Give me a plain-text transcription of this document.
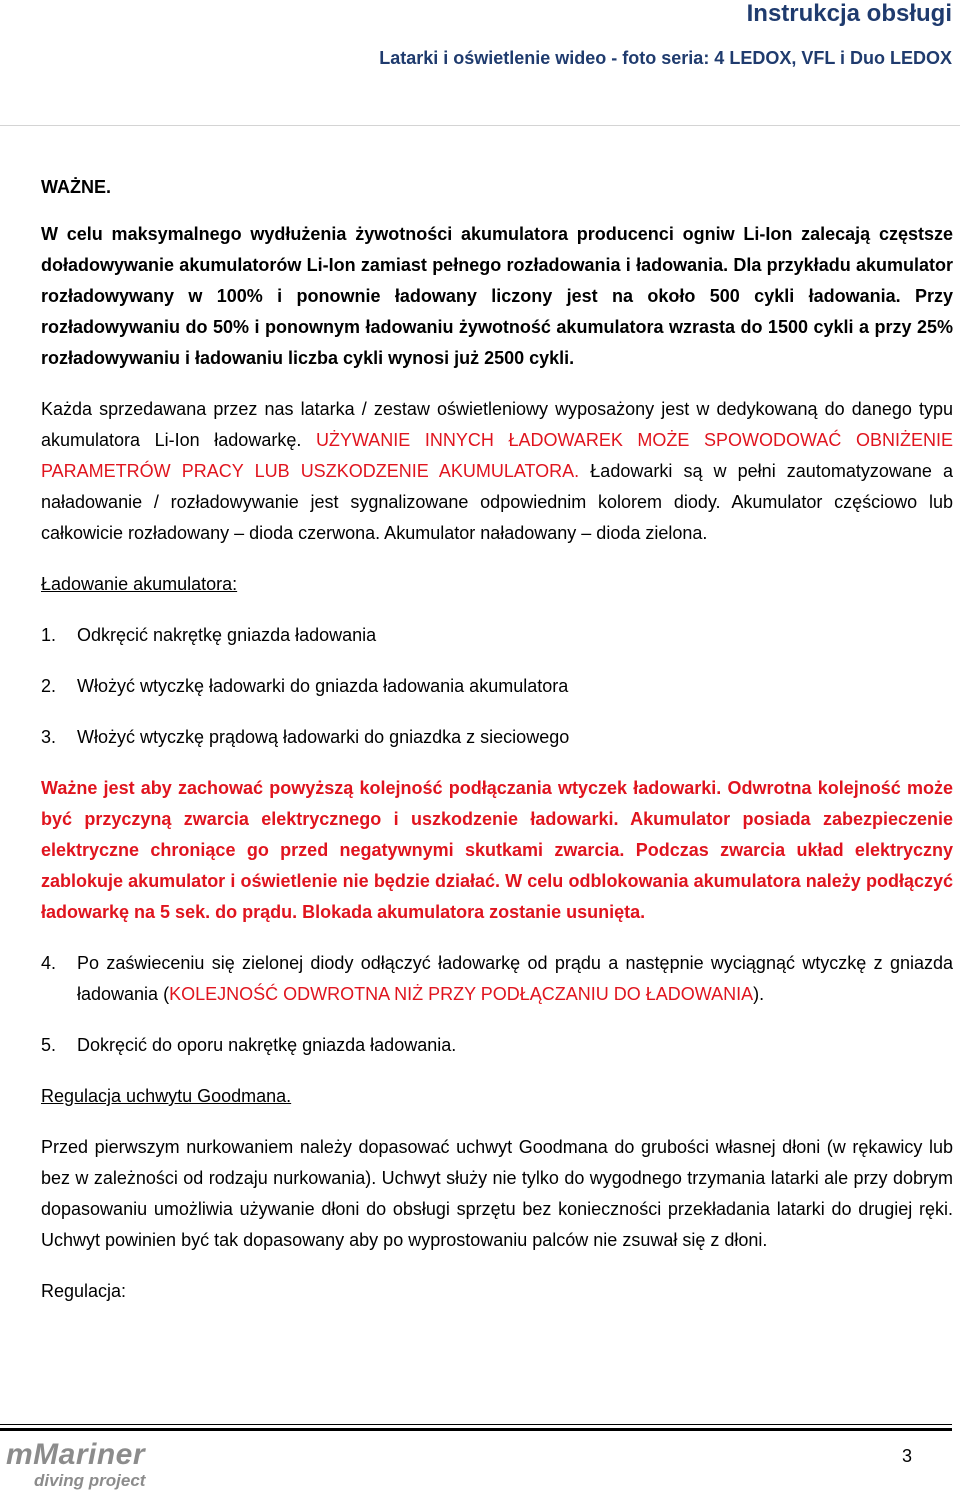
Instrukcja obsługi
Latarki i oświetlenie wideo - foto seria: 4 LEDOX, VFL i Duo LEDOX

WAŻNE.

W celu maksymalnego wydłużenia żywotności akumulatora producenci ogniw Li-Ion zalecają częstsze doładowywanie akumulatorów Li-Ion zamiast pełnego rozładowania i ładowania. Dla przykładu akumulator rozładowywany w 100% i ponownie ładowany liczony jest na około 500 cykli ładowania. Przy rozładowywaniu do 50% i ponownym ładowaniu żywotność akumulatora wzrasta do 1500 cykli a przy 25% rozładowywaniu i ładowaniu liczba cykli wynosi już 2500 cykli.

Każda sprzedawana przez nas latarka / zestaw oświetleniowy wyposażony jest w dedykowaną do danego typu akumulatora Li-Ion ładowarkę. UŻYWANIE INNYCH ŁADOWAREK MOŻE SPOWODOWAĆ OBNIŻENIE PARAMETRÓW PRACY LUB USZKODZENIE AKUMULATORA. Ładowarki są w pełni zautomatyzowane a naładowanie / rozładowywanie jest sygnalizowane odpowiednim kolorem diody. Akumulator częściowo lub całkowicie rozładowany – dioda czerwona. Akumulator naładowany – dioda zielona.

Ładowanie akumulatora:

1.	Odkręcić nakrętkę gniazda ładowania
2.	Włożyć wtyczkę ładowarki do gniazda ładowania akumulatora
3.	Włożyć wtyczkę prądową ładowarki do gniazdka z sieciowego

Ważne jest aby zachować powyższą kolejność podłączania wtyczek ładowarki. Odwrotna kolejność może być przyczyną zwarcia elektrycznego i uszkodzenie ładowarki. Akumulator posiada zabezpieczenie elektryczne chroniące go przed negatywnymi skutkami zwarcia. Podczas zwarcia układ elektryczny zablokuje akumulator i oświetlenie nie będzie działać. W celu odblokowania akumulatora należy podłączyć ładowarkę na 5 sek. do prądu. Blokada akumulatora zostanie usunięta.

4.	Po zaświeceniu się zielonej diody odłączyć ładowarkę od prądu a następnie wyciągnąć wtyczkę z gniazda ładowania (KOLEJNOŚĆ ODWROTNA NIŻ PRZY PODŁĄCZANIU DO ŁADOWANIA).
5.	Dokręcić do oporu nakrętkę gniazda ładowania.

Regulacja uchwytu Goodmana.

Przed pierwszym nurkowaniem należy dopasować uchwyt Goodmana do grubości własnej dłoni (w rękawicy lub bez w zależności od rodzaju nurkowania). Uchwyt służy nie tylko do wygodnego trzymania latarki ale przy dobrym dopasowaniu umożliwia używanie dłoni do obsługi sprzętu bez konieczności przekładania latarki do drugiej ręki. Uchwyt powinien być tak dopasowany aby po wyprostowaniu palców nie zsuwał się z dłoni.

Regulacja:

mMariner
diving project
3
